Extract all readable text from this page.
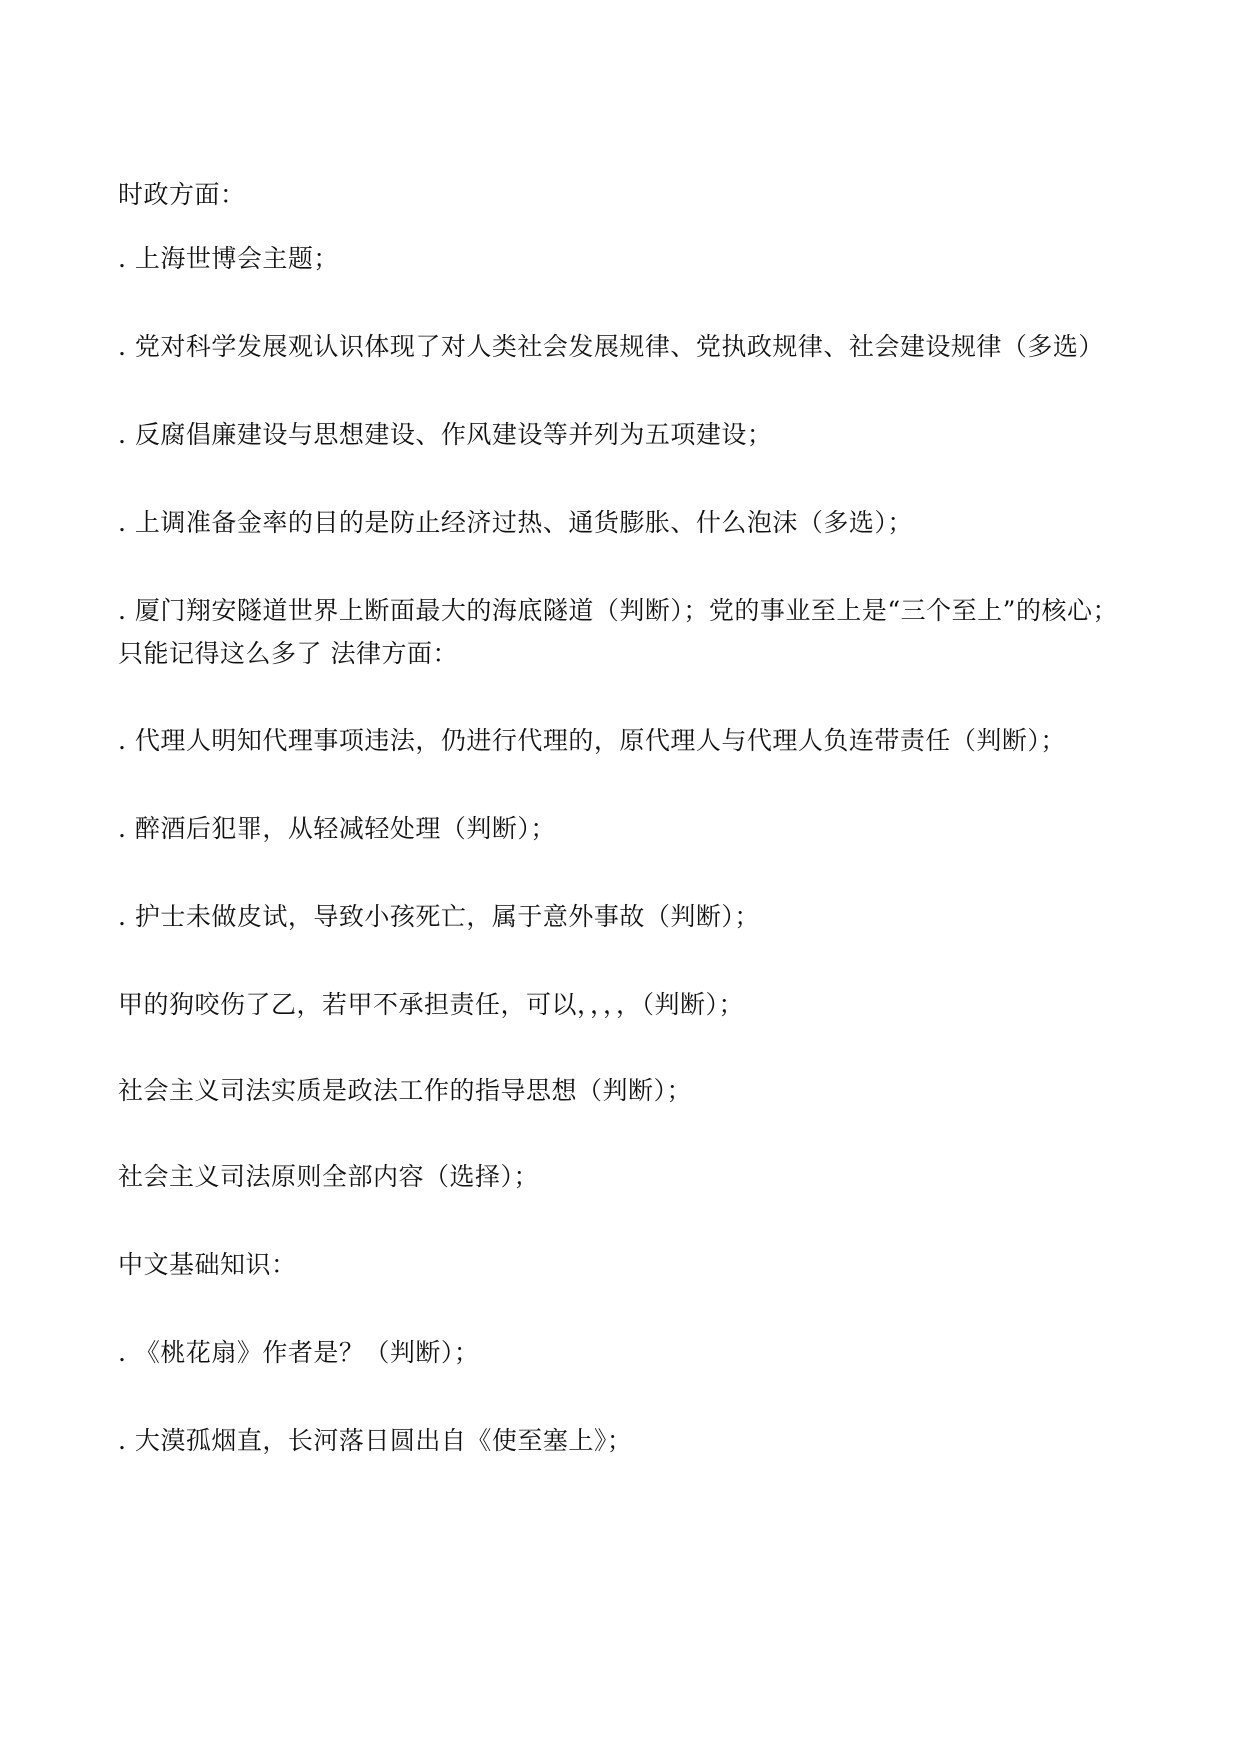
时政方面：
. 上海世博会主题；
. 党对科学发展观认识体现了对人类社会发展规律、党执政规律、社会建设规律（多选）
. 反腐倡廉建设与思想建设、作风建设等并列为五项建设；
. 上调准备金率的目的是防止经济过热、通货膨胀、什么泡沫（多选）；
. 厦门翔安隧道世界上断面最大的海底隧道（判断）；党的事业至上是“三个至上”的核心；
只能记得这么多了 法律方面：
. 代理人明知代理事项违法，仍进行代理的，原代理人与代理人负连带责任（判断）；
. 醉酒后犯罪，从轻减轻处理（判断）；
. 护士未做皮试，导致小孩死亡，属于意外事故（判断）；
甲的狗咬伤了乙，若甲不承担责任，可以，，，，（判断）；
社会主义司法实质是政法工作的指导思想（判断）；
社会主义司法原则全部内容（选择）；
中文基础知识：
. 《桃花扇》作者是？（判断）；
. 大漠孤烟直，长河落日圆出自《使至塞上》；
